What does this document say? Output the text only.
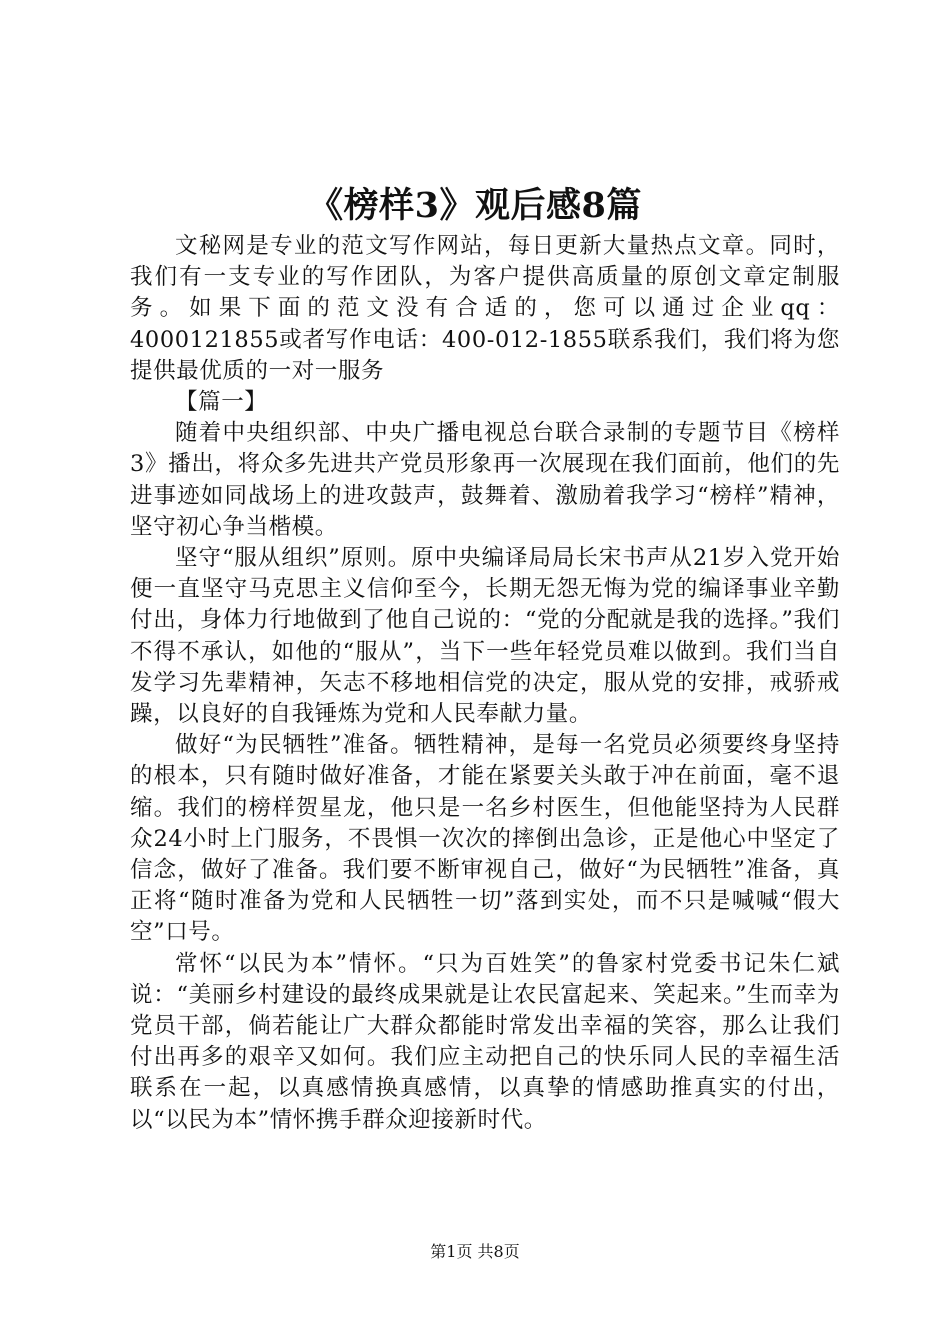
《榜样3》观后感8篇

文秘网是专业的范文写作网站，每日更新大量热点文章。同时，我们有一支专业的写作团队，为客户提供高质量的原创文章定制服务。如果下面的范文没有合适的，您可以通过企业qq：4000121855或者写作电话：400-012-1855联系我们，我们将为您提供最优质的一对一服务

【篇一】

随着中央组织部、中央广播电视总台联合录制的专题节目《榜样3》播出，将众多先进共产党员形象再一次展现在我们面前，他们的先进事迹如同战场上的进攻鼓声，鼓舞着、激励着我学习“榜样”精神，坚守初心争当楷模。

坚守“服从组织”原则。原中央编译局局长宋书声从21岁入党开始便一直坚守马克思主义信仰至今，长期无怨无悔为党的编译事业辛勤付出，身体力行地做到了他自己说的：“党的分配就是我的选择。”我们不得不承认，如他的“服从”，当下一些年轻党员难以做到。我们当自发学习先辈精神，矢志不移地相信党的决定，服从党的安排，戒骄戒躁，以良好的自我锤炼为党和人民奉献力量。

做好“为民牺牲”准备。牺牲精神，是每一名党员必须要终身坚持的根本，只有随时做好准备，才能在紧要关头敢于冲在前面，毫不退缩。我们的榜样贺星龙，他只是一名乡村医生，但他能坚持为人民群众24小时上门服务，不畏惧一次次的摔倒出急诊，正是他心中坚定了信念，做好了准备。我们要不断审视自己，做好“为民牺牲”准备，真正将“随时准备为党和人民牺牲一切”落到实处，而不只是喊喊“假大空”口号。

常怀“以民为本”情怀。“只为百姓笑”的鲁家村党委书记朱仁斌说：“美丽乡村建设的最终成果就是让农民富起来、笑起来。”生而幸为党员干部，倘若能让广大群众都能时常发出幸福的笑容，那么让我们付出再多的艰辛又如何。我们应主动把自己的快乐同人民的幸福生活联系在一起，以真感情换真感情，以真挚的情感助推真实的付出，以“以民为本”情怀携手群众迎接新时代。

第1页 共8页
